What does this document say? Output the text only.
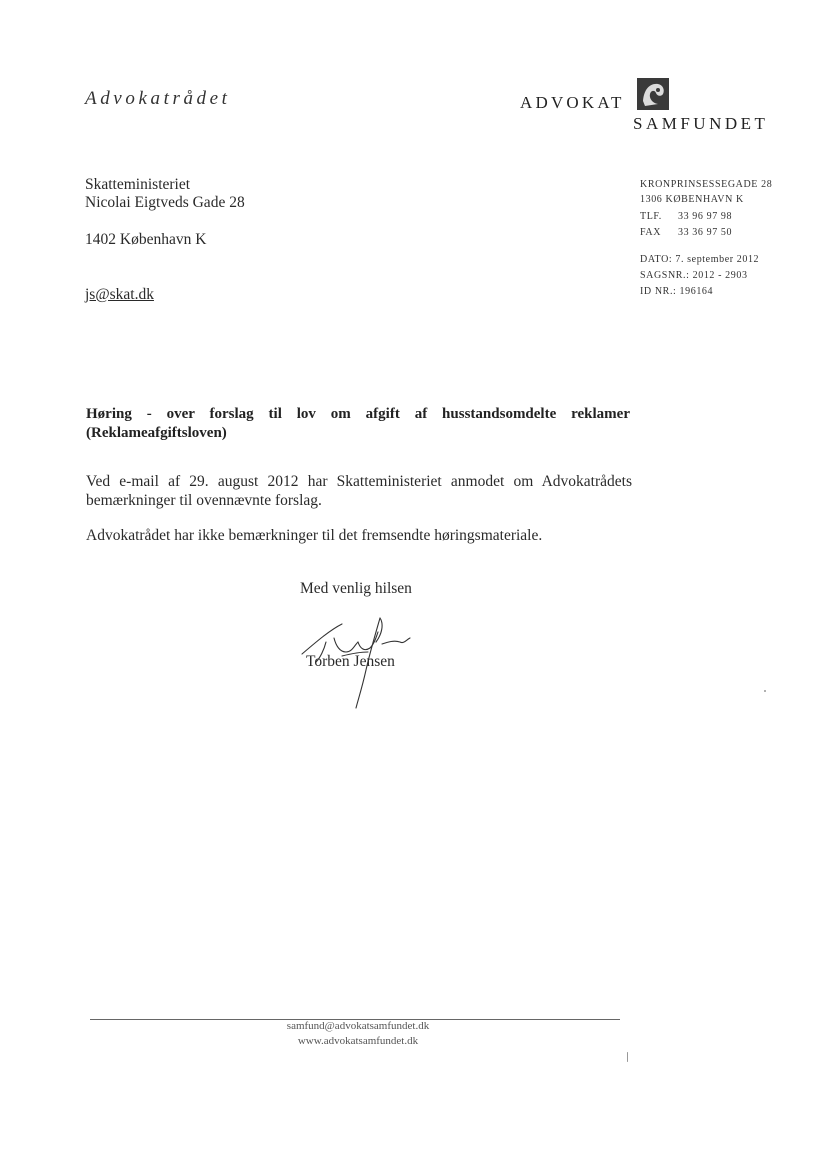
Advokatrådet	ADVOKAT
SAMFUNDET
Skatteministeriet
Nicolai Eigtveds Gade 28
1402 København K
js@skat.dk
KRONPRINSESSEGADE 28
1306 KØBENHAVN K
TLF. 33 96 97 98
FAX 33 36 97 50
DATO: 7. september 2012
SAGSNR.: 2012 - 2903
ID NR.: 196164
Høring - over forslag til lov om afgift af husstandsomdelte reklamer (Reklameafgiftsloven)
Ved e-mail af 29. august 2012 har Skatteministeriet anmodet om Advokatrådets bemærkninger til ovennævnte forslag.
Advokatrådet har ikke bemærkninger til det fremsendte høringsmateriale.
Med venlig hilsen
Torben Jensen
samfund@advokatsamfundet.dk
www.advokatsamfundet.dk
